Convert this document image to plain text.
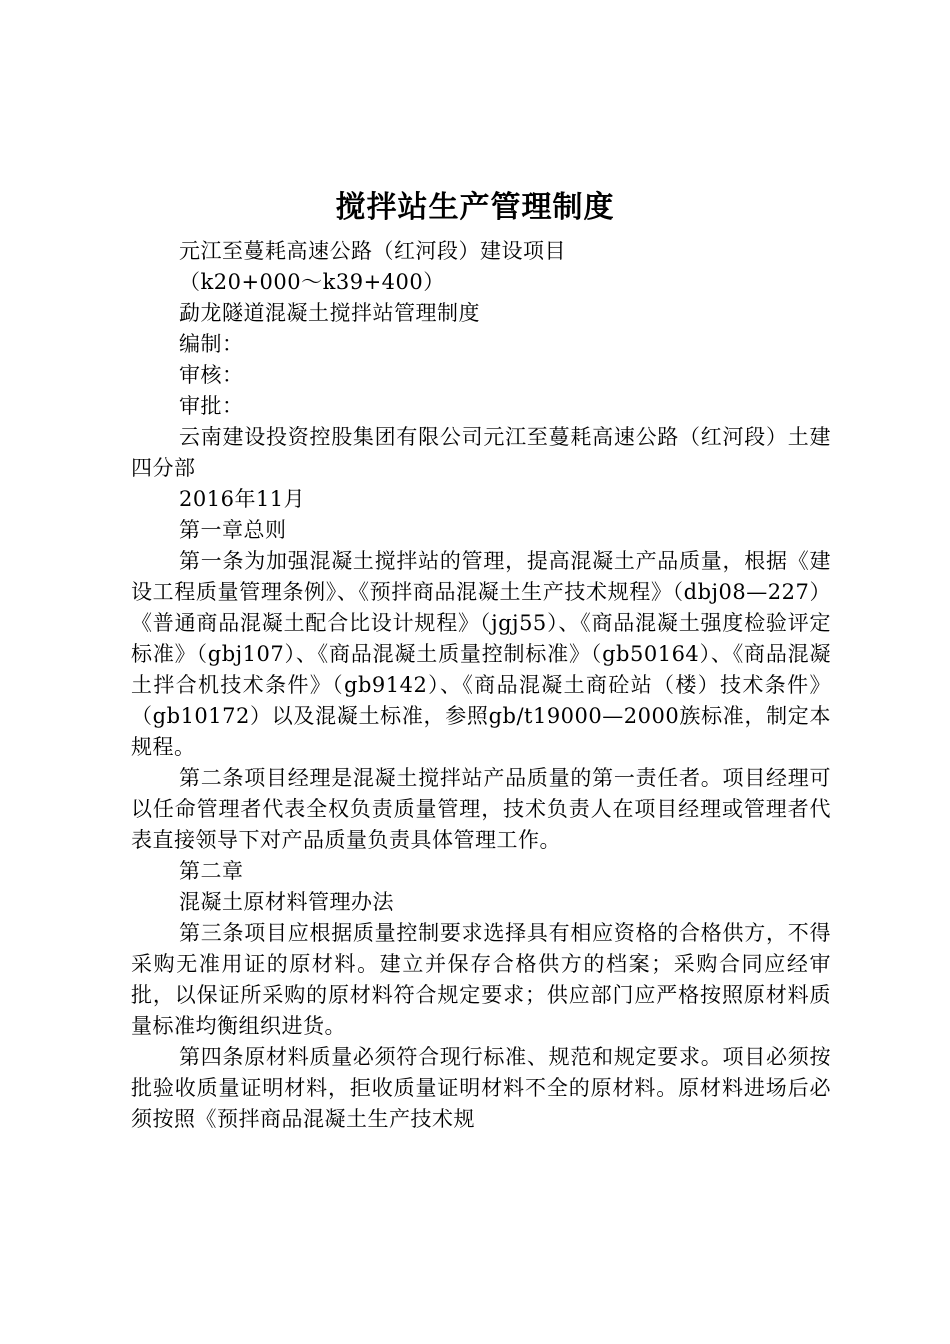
搅拌站生产管理制度

元江至蔓耗高速公路（红河段）建设项目

（k20+000～k39+400）

勐龙隧道混凝土搅拌站管理制度

编制：

审核：

审批：

云南建设投资控股集团有限公司元江至蔓耗高速公路（红河段）土建四分部

2016年11月

第一章总则

第一条为加强混凝土搅拌站的管理，提高混凝土产品质量，根据《建设工程质量管理条例》、《预拌商品混凝土生产技术规程》（dbj08—227）《普通商品混凝土配合比设计规程》（jgj55）、《商品混凝土强度检验评定标准》（gbj107）、《商品混凝土质量控制标准》（gb50164）、《商品混凝土拌合机技术条件》（gb9142）、《商品混凝土商砼站（楼）技术条件》（gb10172）以及混凝土标准，参照gb/t19000—2000族标准，制定本规程。

第二条项目经理是混凝土搅拌站产品质量的第一责任者。项目经理可以任命管理者代表全权负责质量管理，技术负责人在项目经理或管理者代表直接领导下对产品质量负责具体管理工作。

第二章

混凝土原材料管理办法

第三条项目应根据质量控制要求选择具有相应资格的合格供方，不得采购无准用证的原材料。建立并保存合格供方的档案；采购合同应经审批，以保证所采购的原材料符合规定要求；供应部门应严格按照原材料质量标准均衡组织进货。

第四条原材料质量必须符合现行标准、规范和规定要求。项目必须按批验收质量证明材料，拒收质量证明材料不全的原材料。原材料进场后必须按照《预拌商品混凝土生产技术规
